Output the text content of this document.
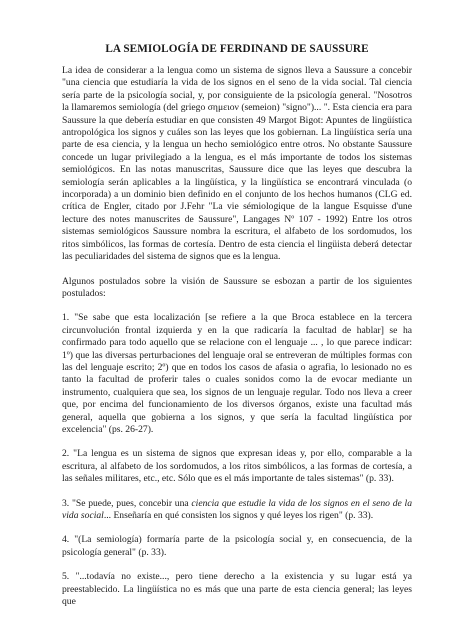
LA SEMIOLOGÍA DE FERDINAND DE SAUSSURE

La idea de considerar a la lengua como un sistema de signos lleva a Saussure a concebir "una ciencia que estudiaría la vida de los signos en el seno de la vida social. Tal ciencia sería parte de la psicología social, y, por consiguiente de la psicología general. "Nosotros la llamaremos semiología (del griego σημειον (semeion) "signo")... ". Esta ciencia era para Saussure la que debería estudiar en que consisten 49 Margot Bigot: Apuntes de lingüística antropológica los signos y cuáles son las leyes que los gobiernan. La lingüística sería una parte de esa ciencia, y la lengua un hecho semiológico entre otros. No obstante Saussure concede un lugar privilegiado a la lengua, es el más importante de todos los sistemas semiológicos. En las notas manuscritas, Saussure dice que las leyes que descubra la semiología serán aplicables a la lingüística, y la lingüística se encontrará vinculada (o incorporada) a un dominio bien definido en el conjunto de los hechos humanos (CLG ed. crítica de Engler, citado por J.Fehr "La vie sémiologique de la langue Esquisse d'une lecture des notes manuscrites de Saussure", Langages Nº 107 - 1992) Entre los otros sistemas semiológicos Saussure nombra la escritura, el alfabeto de los sordomudos, los ritos simbólicos, las formas de cortesía. Dentro de esta ciencia el lingüista deberá detectar las peculiaridades del sistema de signos que es la lengua.

Algunos postulados sobre la visión de Saussure se esbozan a partir de los siguientes postulados:

1. "Se sabe que esta localización [se refiere a la que Broca establece en la tercera circunvolución frontal izquierda y en la que radicaría la facultad de hablar] se ha confirmado para todo aquello que se relacione con el lenguaje ... , lo que parece indicar: 1º) que las diversas perturbaciones del lenguaje oral se entreveran de múltiples formas con las del lenguaje escrito; 2º) que en todos los casos de afasia o agrafia, lo lesionado no es tanto la facultad de proferir tales o cuales sonidos como la de evocar mediante un instrumento, cualquiera que sea, los signos de un lenguaje regular. Todo nos lleva a creer que, por encima del funcionamiento de los diversos órganos, existe una facultad más general, aquella que gobierna a los signos, y que sería la facultad lingüística por excelencia" (ps. 26-27).

2. "La lengua es un sistema de signos que expresan ideas y, por ello, comparable a la escritura, al alfabeto de los sordomudos, a los ritos simbólicos, a las formas de cortesía, a las señales militares, etc., etc. Sólo que es el más importante de tales sistemas" (p. 33).

3. "Se puede, pues, concebir una ciencia que estudie la vida de los signos en el seno de la vida social... Enseñaría en qué consisten los signos y qué leyes los rigen" (p. 33).

4. "(La semiología) formaría parte de la psicología social y, en consecuencia, de la psicología general" (p. 33).

5. "...todavía no existe..., pero tiene derecho a la existencia y su lugar está ya preestablecido. La lingüística no es más que una parte de esta ciencia general; las leyes que
